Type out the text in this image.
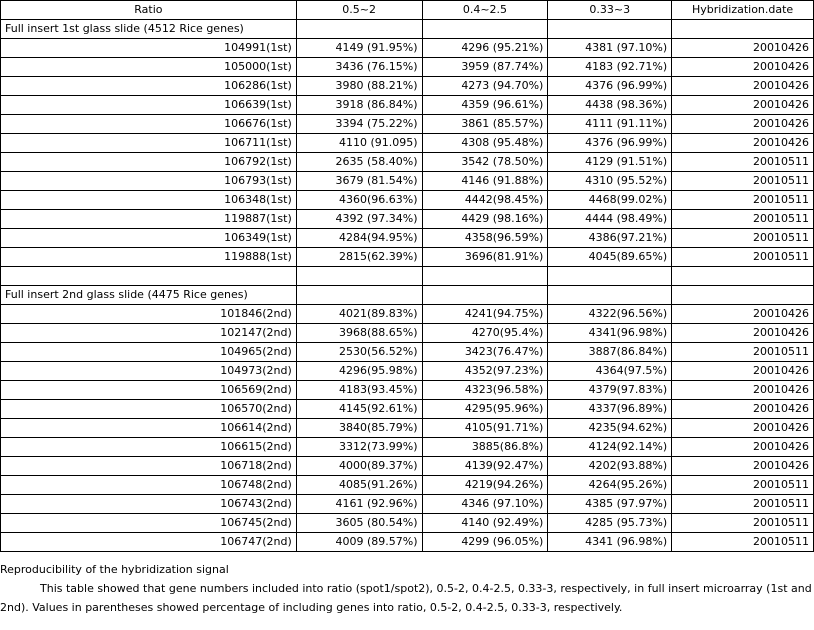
Ratio	0.5~2	0.4~2.5	0.33~3	Hybridization.date
Full insert 1st glass slide (4512 Rice genes)				
104991(1st)	4149 (91.95%)	4296 (95.21%)	4381 (97.10%)	20010426
105000(1st)	3436 (76.15%)	3959 (87.74%)	4183 (92.71%)	20010426
106286(1st)	3980 (88.21%)	4273 (94.70%)	4376 (96.99%)	20010426
106639(1st)	3918 (86.84%)	4359 (96.61%)	4438 (98.36%)	20010426
106676(1st)	3394 (75.22%)	3861 (85.57%)	4111 (91.11%)	20010426
106711(1st)	4110 (91.095)	4308 (95.48%)	4376 (96.99%)	20010426
106792(1st)	2635 (58.40%)	3542 (78.50%)	4129 (91.51%)	20010511
106793(1st)	3679 (81.54%)	4146 (91.88%)	4310 (95.52%)	20010511
106348(1st)	4360(96.63%)	4442(98.45%)	4468(99.02%)	20010511
119887(1st)	4392 (97.34%)	4429 (98.16%)	4444 (98.49%)	20010511
106349(1st)	4284(94.95%)	4358(96.59%)	4386(97.21%)	20010511
119888(1st)	2815(62.39%)	3696(81.91%)	4045(89.65%)	20010511

Full insert 2nd glass slide (4475 Rice genes)				
101846(2nd)	4021(89.83%)	4241(94.75%)	4322(96.56%)	20010426
102147(2nd)	3968(88.65%)	4270(95.4%)	4341(96.98%)	20010426
104965(2nd)	2530(56.52%)	3423(76.47%)	3887(86.84%)	20010511
104973(2nd)	4296(95.98%)	4352(97.23%)	4364(97.5%)	20010426
106569(2nd)	4183(93.45%)	4323(96.58%)	4379(97.83%)	20010426
106570(2nd)	4145(92.61%)	4295(95.96%)	4337(96.89%)	20010426
106614(2nd)	3840(85.79%)	4105(91.71%)	4235(94.62%)	20010426
106615(2nd)	3312(73.99%)	3885(86.8%)	4124(92.14%)	20010426
106718(2nd)	4000(89.37%)	4139(92.47%)	4202(93.88%)	20010426
106748(2nd)	4085(91.26%)	4219(94.26%)	4264(95.26%)	20010511
106743(2nd)	4161 (92.96%)	4346 (97.10%)	4385 (97.97%)	20010511
106745(2nd)	3605 (80.54%)	4140 (92.49%)	4285 (95.73%)	20010511
106747(2nd)	4009 (89.57%)	4299 (96.05%)	4341 (96.98%)	20010511
Reproducibility of the hybridization signal
This table showed that gene numbers included into ratio (spot1/spot2), 0.5-2, 0.4-2.5, 0.33-3, respectively, in full insert microarray (1st and 2nd). Values in parentheses showed percentage of including genes into ratio, 0.5-2, 0.4-2.5, 0.33-3, respectively.
